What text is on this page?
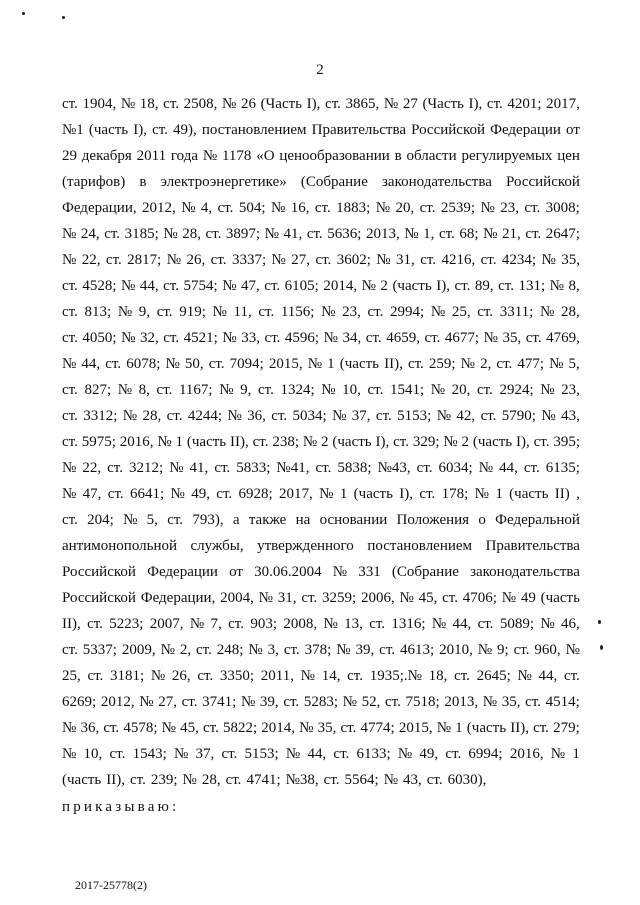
2
ст. 1904, № 18, ст. 2508, № 26 (Часть I), ст. 3865, № 27 (Часть I), ст. 4201; 2017,
№1 (часть I), ст. 49), постановлением Правительства Российской Федерации от
29 декабря 2011 года № 1178 «О ценообразовании в области регулируемых цен
(тарифов) в электроэнергетике» (Собрание законодательства Российской
Федерации, 2012, № 4, ст. 504; № 16, ст. 1883; № 20, ст. 2539; № 23, ст. 3008;
№ 24, ст. 3185; № 28, ст. 3897; № 41, ст. 5636; 2013, № 1, ст. 68; № 21, ст. 2647;
№ 22, ст. 2817; № 26, ст. 3337; № 27, ст. 3602; № 31, ст. 4216, ст. 4234; № 35,
ст. 4528; № 44, ст. 5754; № 47, ст. 6105; 2014, № 2 (часть I), ст. 89, ст. 131; № 8,
ст. 813; № 9, ст. 919; № 11, ст. 1156; № 23, ст. 2994; № 25, ст. 3311; № 28,
ст. 4050; № 32, ст. 4521; № 33, ст. 4596; № 34, ст. 4659, ст. 4677; № 35, ст. 4769,
№ 44, ст. 6078; № 50, ст. 7094; 2015, № 1 (часть II), ст. 259; № 2, ст. 477; № 5,
ст. 827; № 8, ст. 1167; № 9, ст. 1324; № 10, ст. 1541; № 20, ст. 2924; № 23,
ст. 3312; № 28, ст. 4244; № 36, ст. 5034; № 37, ст. 5153; № 42, ст. 5790; № 43,
ст. 5975; 2016, № 1 (часть II), ст. 238; № 2 (часть I), ст. 329; № 2 (часть I), ст. 395;
№ 22, ст. 3212; № 41, ст. 5833; №41, ст. 5838; №43, ст. 6034; № 44, ст. 6135;
№ 47, ст. 6641; № 49, ст. 6928; 2017, № 1 (часть I), ст. 178; № 1 (часть II) ,
ст. 204; № 5, ст. 793), а также на основании Положения о Федеральной
антимонопольной службы, утвержденного постановлением Правительства
Российской Федерации от 30.06.2004 № 331 (Собрание законодательства
Российской Федерации, 2004, № 31, ст. 3259; 2006, № 45, ст. 4706; № 49 (часть
II), ст. 5223; 2007, № 7, ст. 903; 2008, № 13, ст. 1316; № 44, ст. 5089; № 46,
ст. 5337; 2009, № 2, ст. 248; № 3, ст. 378; № 39, ст. 4613; 2010, № 9; ст. 960, №
25, ст. 3181; № 26, ст. 3350; 2011, № 14, ст. 1935;.№ 18, ст. 2645; № 44, ст.
6269; 2012, № 27, ст. 3741; № 39, ст. 5283; № 52, ст. 7518; 2013, № 35, ст. 4514;
№ 36, ст. 4578; № 45, ст. 5822; 2014, № 35, ст. 4774; 2015, № 1 (часть II), ст. 279;
№ 10, ст. 1543; № 37, ст. 5153; № 44, ст. 6133; № 49, ст. 6994; 2016, № 1
(часть II), ст. 239; № 28, ст. 4741; №38, ст. 5564; № 43, ст. 6030),
приказываю:
2017-25778(2)
